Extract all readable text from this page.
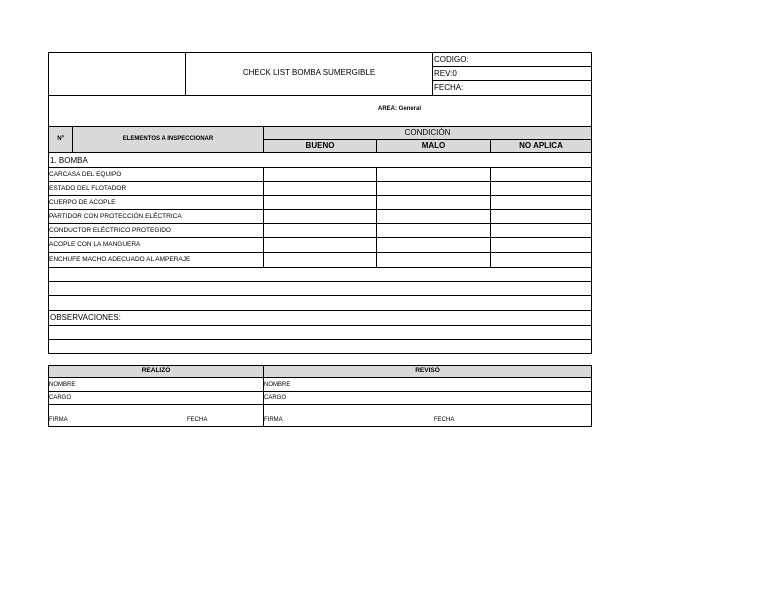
CHECK LIST BOMBA SUMERGIBLE
CODIGO:
REV:0
FECHA:
AREA: General
Nº	ELEMENTOS A INSPECCIONAR
CONDICIÓN
BUENO	MALO	NO APLICA
1. BOMBA
CARCASA DEL EQUIPO
ESTADO DEL FLOTADOR
CUERPO DE ACOPLE
PARTIDOR CON PROTECCIÓN ELÉCTRICA
CONDUCTOR ELÉCTRICO PROTEGIDO
ACOPLE CON LA MANGUERA
ENCHUFE MACHO ADECUADO AL AMPERAJE
OBSERVACIONES:
REALIZÓ	REVISÓ
NOMBRE	NOMBRE
CARGO	CARGO
FIRMA	FECHA	FIRMA	FECHA
